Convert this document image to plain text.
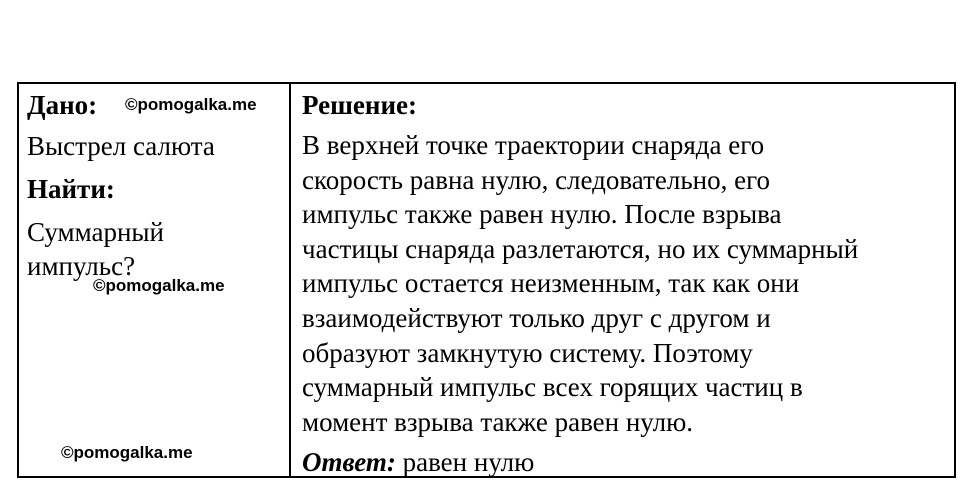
Дано: ©pomogalka.me
Выстрел салюта
Найти:
Суммарный
импульс?
©pomogalka.me
©pomogalka.me
Решение:
В верхней точке траектории снаряда его
скорость равна нулю, следовательно, его
импульс также равен нулю. После взрыва
частицы снаряда разлетаются, но их суммарный
импульс остается неизменным, так как они
взаимодействуют только друг с другом и
образуют замкнутую систему. Поэтому
суммарный импульс всех горящих частиц в
момент взрыва также равен нулю.
Ответ: равен нулю
